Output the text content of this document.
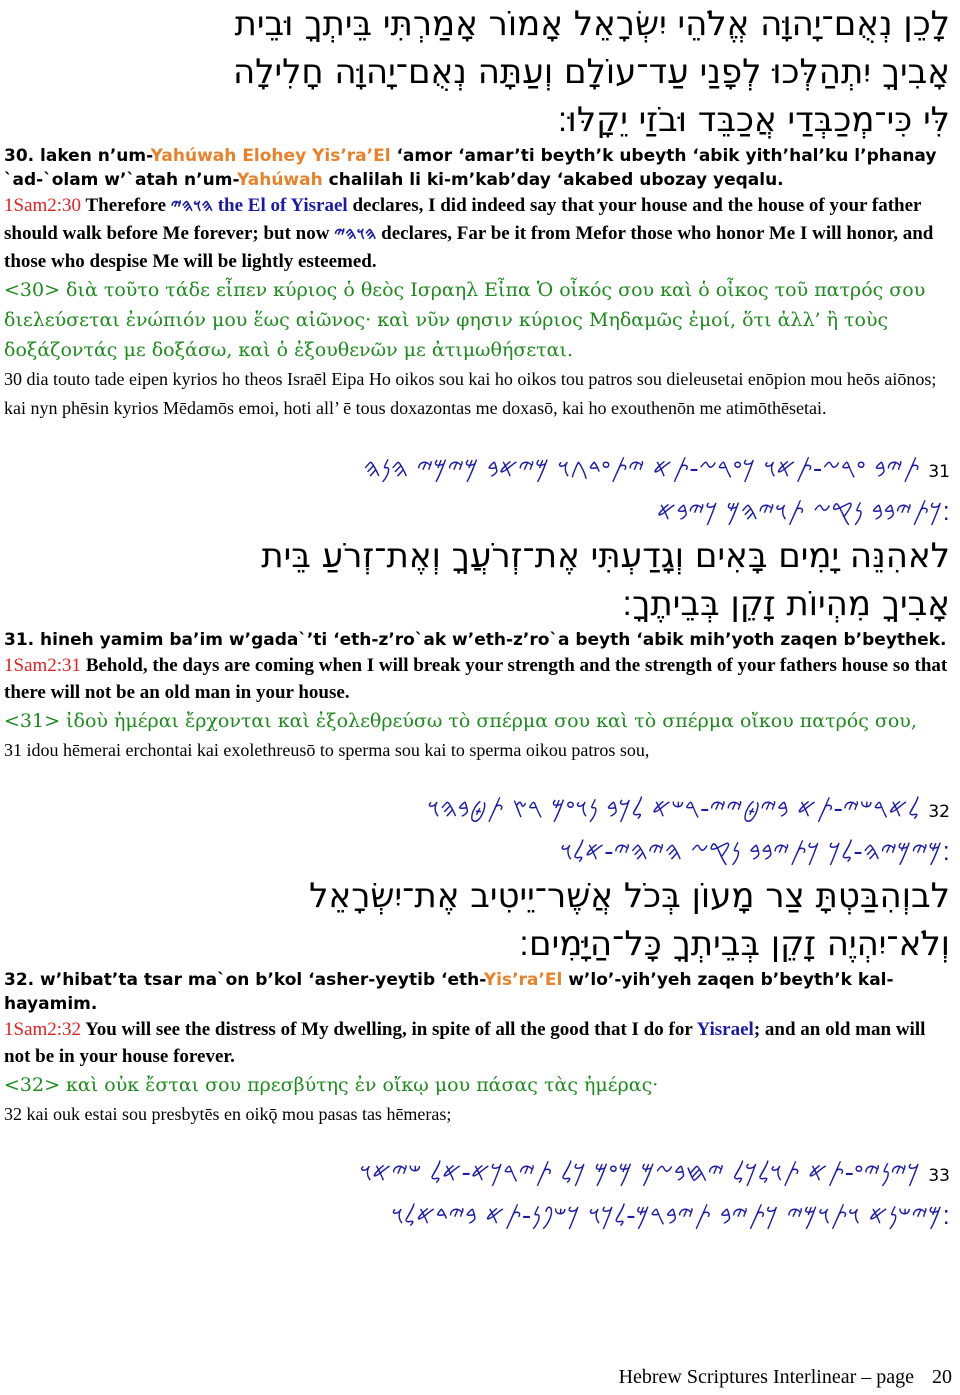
לָכֵן נְאֻם־יָהוָּה אֱלֹהֵי יִשְׂרָאֵל אָמוֹר אָמַרְתִּי בֵּיתְךָ וּבֵית
אָבִיךָ יִתְהַלְּכוּ לְפָנַי עַד־עוֹלָם וְעַתָּה נְאֻם־יָהוָּה חָלִילָה
לִּי כִּי־מְכַבְּדַי אֲכַבֵּד וּבֹזַי יֵקָלּוּ׃
30. laken n’um-Yahúwah Elohey Yis’ra’El ‘amor ‘amar’ti beyth’k ubeyth ‘abik yith’hal’ku l’phanay `ad-`olam w’`atah n’um-Yahúwah chalilah li ki-m’kab’day ‘akabed ubozay yeqalu.
1Sam2:30 Therefore 𐤄𐤅𐤄𐤉 the El of Yisrael declares, I did indeed say that your house and the house of your father should walk before Me forever; but now 𐤄𐤅𐤄𐤉 declares, Far be it from Mefor those who honor Me I will honor, and those who despise Me will be lightly esteemed.
<30> διὰ τοῦτο τάδε εἶπεν κύριος ὁ θεὸς Ισραηλ Εἶπα Ὁ οἶκός σου καὶ ὁ οἶκος τοῦ πατρός σου διελεύσεται ἐνώπιόν μου ἕως αἰῶνος· καὶ νῦν φησιν κύριος Μηδαμῶς ἐμοί, ὅτι ἀλλ’ ἢ τοὺς δοξάζοντάς με δοξάσω, καὶ ὁ ἐξουθενῶν με ἀτιμωθήσεται.
30 dia touto tade eipen kyrios ho theos Israēl Eipa Ho oikos sou kai ho oikos tou patros sou dieleusetai enōpion mou heōs aiōnos; kai nyn phēsin kyrios Mēdamōs emoi, hoti all’ ē tous doxazontas me doxasō, kai ho exouthenōn me atimōthēsetai.
31 𐤕𐤉𐤁 𐤏𐤓𐤆-𐤕𐤀𐤅 𐤊𐤏𐤓𐤆-𐤕𐤀 𐤉𐤕𐤏𐤃𐤂𐤅 𐤌𐤉𐤀𐤁 𐤌𐤉𐤌𐤉 𐤄𐤍𐤄
׃𐤊𐤕𐤉𐤁𐤁 𐤍𐤒𐤆 𐤕𐤅𐤉𐤄𐤌 𐤊𐤉𐤁𐤀
לאהִנֵּה יָמִים בָּאִים וְגָדַעְתִּי אֶת־זְרֹעֲךָ וְאֶת־זְרֹעַ בֵּית
אָבִיךָ מִהְיוֹת זָקֵן בְּבֵיתֶךָ׃
31. hineh yamim ba’im w’gada`’ti ‘eth-z’ro`ak w’eth-z’ro`a beyth ‘abik mih’yoth zaqen b’beythek.
1Sam2:31 Behold, the days are coming when I will break your strength and the strength of your fathers house so that there will not be an old man in your house.
<31> ἰδοὺ ἡμέραι ἔρχονται καὶ ἐξολεθρεύσω τὸ σπέρμα σου καὶ τὸ σπέρμα οἴκου πατρός σου,
31 idou hēmerai erchontai kai exolethreusō to sperma sou kai to sperma oikou patros sou,
32 𐤋𐤀𐤓𐤔𐤉-𐤕𐤀 𐤁𐤉𐤈𐤉𐤉-𐤓𐤔𐤀 𐤋𐤊𐤁 𐤍𐤅𐤏𐤌 𐤓𐤑 𐤕𐤈𐤁𐤄𐤅
׃𐤌𐤉𐤌𐤉𐤄-𐤋𐤊 𐤊𐤕𐤉𐤁𐤁 𐤍𐤒𐤆 𐤄𐤉𐤄𐤉-𐤀𐤋𐤅
לבוְהִבַּטְתָּ צַר מָעוֹן בְּכֹל אֲשֶׁר־יֵיטִיב אֶת־יִשְׂרָאֵל
וְלֹא־יִהְיֶה זָקֵן בְּבֵיתְךָ כָּל־הַיָּמִים׃
32. w’hibat’ta tsar ma`on b’kol ‘asher-yeytib ‘eth-Yis’ra’El w’lo’-yih’yeh zaqen b’beyth’k kal-hayamim.
1Sam2:32 You will see the distress of My dwelling, in spite of all the good that I do for Yisrael; and an old man will not be in your house forever.
<32> καὶ οὐκ ἔσται σου πρεσβύτης ἐν οἴκῳ μου πάσας τὰς ἡμέρας·
32 kai ouk estai sou presbytēs en oikǭ mou pasas tas hēmeras;
33 𐤊𐤉𐤍𐤉𐤏-𐤕𐤀 𐤕𐤅𐤋𐤊𐤋 𐤉𐤇𐤁𐤆𐤌 𐤌𐤏𐤌 𐤊𐤋 𐤕𐤉𐤓𐤊𐤀-𐤀𐤋 𐤔𐤉𐤀𐤅
׃𐤌𐤉𐤔𐤍𐤀 𐤅𐤕𐤅𐤌𐤉 𐤊𐤕𐤉𐤁 𐤕𐤉𐤁𐤓𐤌-𐤋𐤊𐤅 𐤊𐤔𐤐𐤍-𐤕𐤀 𐤁𐤉𐤃𐤀𐤋𐤅
Hebrew Scriptures Interlinear – page 20
